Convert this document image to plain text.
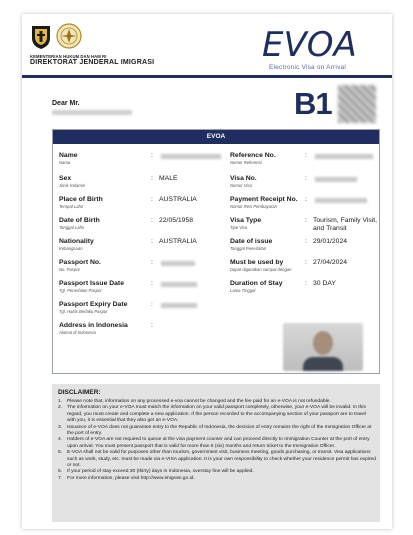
KEMENTERIAN HUKUM DAN HAM RI
DIREKTORAT JENDERAL IMIGRASI	EVOA
Electronic Visa on Arrival
Dear Mr.	B1
EVOA
Name
Nama
:
Sex
Jenis Kelamin
: MALE
Place of Birth
Tempat Lahir
: AUSTRALIA
Date of Birth
Tanggal Lahir
: 22/05/1958
Nationality
Kebangsaan
: AUSTRALIA
Passport No.
No. Paspor
:
Passport Issue Date
Tgl. Penerbitan Paspor
:
Passport Expiry Date
Tgl. Habis Berlaku Paspor
:
Address in Indonesia
Alamat di Indonesia
:
Reference No.
Nomor Referensi
:
Visa No.
Nomor Visa
:
Payment Receipt No.
Nomor Resi Pembayaran
:
Visa Type
Tipe Visa
: Tourism, Family Visit,
and Transit
Date of issue
Tanggal Penerbitan
: 29/01/2024
Must be used by
Dapat digunakan sampai dengan
: 27/04/2024
Duration of Stay
Lama Tinggal
: 30 DAY
DISCLAIMER:
1. Please note that, information on any processed e-voa cannot be changed and the fee paid for an e-VOA is not refundable.
2. The information on your e-VOA must match the information on your valid passport completely, otherwise, your e-VOA will be invalid. In this regard, you must create and complete a new application. If the person recorded to the accompanying section of your passport are to travel with you, it is essential that they also get an e-VOA.
3. Issuance of e-VOA does not guarantee entry to the Republic of Indonesia, the decision of entry remains the right of the Immigration Officer at the port of entry.
4. Holders of e-VOA are not required to queue at the visa payment counter and can proceed directly to Immigration Counter at the port of entry upon arrival. You must present passport that is valid for more than 6 (six) months and return ticket to the Immigration Officer.
5. E-VOA shall not be valid for purposes other than tourism, government visit, business meeting, goods purchasing, or transit. Visa applications such as work, study, etc. must be made via e-VISA application. It is your own responsibility to check whether your residence permit has expired or not.
6. If your period of stay exceed 30 (thirty) days in Indonesia, overstay fine will be applied.
7. For more information, please visit http://www.imigrasi.go.id.
